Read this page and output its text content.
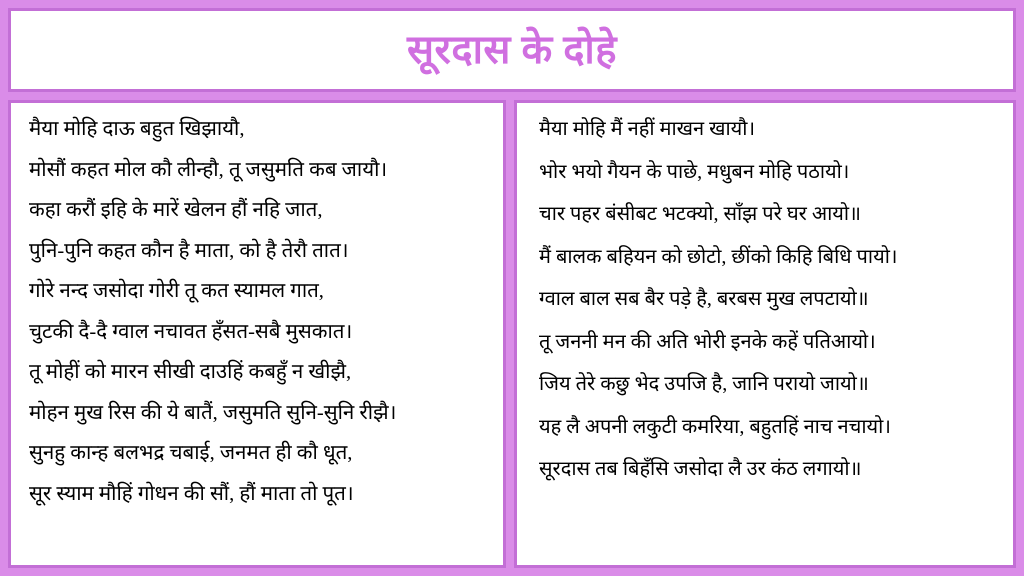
सूरदास के दोहे
मैया मोहि दाऊ बहुत खिझायौ,
मोसौं कहत मोल कौ लीन्हौ, तू जसुमति कब जायौ।
कहा करौं इहि के मारें खेलन हौं नहि जात,
पुनि-पुनि कहत कौन है माता, को है तेरौ तात।
गोरे नन्द जसोदा गोरी तू कत स्यामल गात,
चुटकी दै-दै ग्वाल नचावत हँसत-सबै मुसकात।
तू मोहीं को मारन सीखी दाउहिं कबहुँ न खीझै,
मोहन मुख रिस की ये बातैं, जसुमति सुनि-सुनि रीझै।
सुनहु कान्ह बलभद्र चबाई, जनमत ही कौ धूत,
सूर स्याम मौहिं गोधन की सौं, हौं माता तो पूत।
मैया मोहि मैं नहीं माखन खायौ।
भोर भयो गैयन के पाछे, मधुबन मोहि पठायो।
चार पहर बंसीबट भटक्यो, साँझ परे घर आयो॥
मैं बालक बहियन को छोटो, छींको किहि बिधि पायो।
ग्वाल बाल सब बैर पड़े है, बरबस मुख लपटायो॥
तू जननी मन की अति भोरी इनके कहें पतिआयो।
जिय तेरे कछु भेद उपजि है, जानि परायो जायो॥
यह लै अपनी लकुटी कमरिया, बहुतहिं नाच नचायो।
सूरदास तब बिहँसि जसोदा लै उर कंठ लगायो॥
